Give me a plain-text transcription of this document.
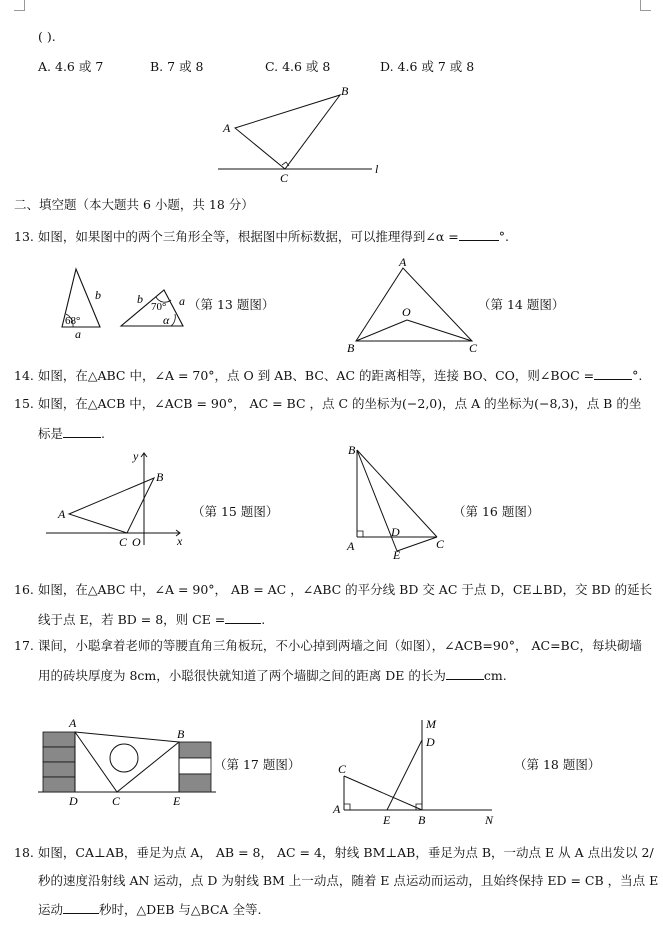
( ).
A. 4.6 或 7	B. 7 或 8	C. 4.6 或 8	D. 4.6 或 7 或 8
A
B
C
l
二、填空题（本大题共 6 小题，共 18 分）
13. 如图，如果图中的两个三角形全等，根据图中所标数据，可以推理得到∠α =	°.
b
68°
a
b
70° a
α
（第 13 题图）
A
O
B	C
（第 14 题图）
14. 如图，在△ABC 中，∠A = 70°，点 O 到 AB、BC、AC 的距离相等，连接 BO、CO，则∠BOC =	°.
15. 如图，在△ACB 中，∠ACB = 90°， AC = BC ，点 C 的坐标为(−2,0)，点 A 的坐标为(−8,3)，点 B 的坐
标是	.
y
x
A
B
C O
（第 15 题图）
B
D
A	C
E
（第 16 题图）
16. 如图，在△ABC 中，∠A = 90°， AB = AC ，∠ABC 的平分线 BD 交 AC 于点 D，CE⊥BD，交 BD 的延长
线于点 E，若 BD = 8，则 CE =	.
17. 课间，小聪拿着老师的等腰直角三角板玩，不小心掉到两墙之间（如图），∠ACB=90°， AC=BC，每块砌墙
用的砖块厚度为 8cm，小聪很快就知道了两个墙脚之间的距离 DE 的长为	cm.
A
B
D	C	E
（第 17 题图）
M
D
C
A
E B	N
（第 18 题图）
18. 如图，CA⊥AB，垂足为点 A， AB = 8， AC = 4，射线 BM⊥AB，垂足为点 B，一动点 E 从 A 点出发以 2/
秒的速度沿射线 AN 运动，点 D 为射线 BM 上一动点，随着 E 点运动而运动，且始终保持 ED = CB ，当点 E
运动	秒时，△DEB 与△BCA 全等.
